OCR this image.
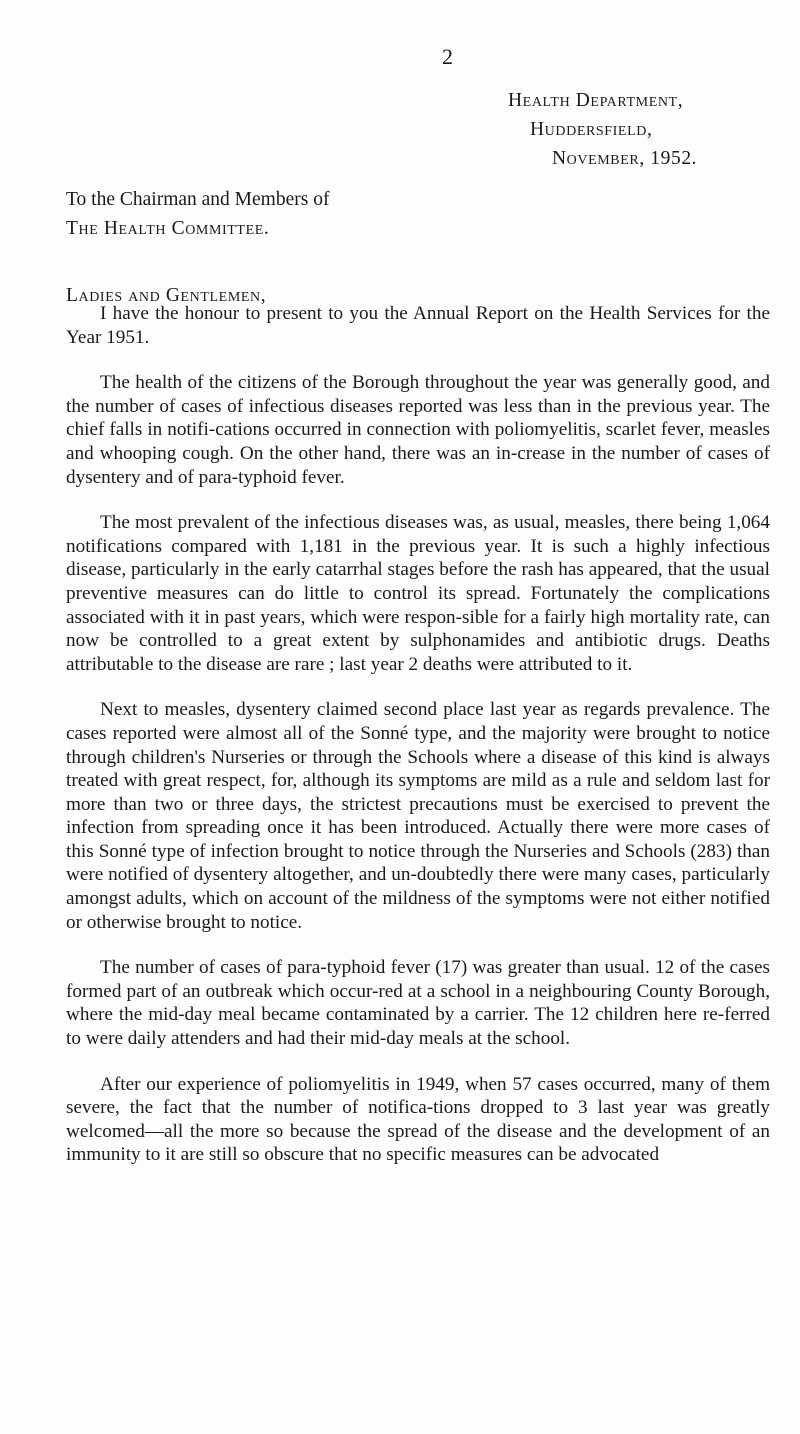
2
Health Department,
Huddersfield,
November, 1952.
To the Chairman and Members of
The Health Committee.
Ladies and Gentlemen,

I have the honour to present to you the Annual Report on the Health Services for the Year 1951.

The health of the citizens of the Borough throughout the year was generally good, and the number of cases of infectious diseases reported was less than in the previous year. The chief falls in notifi-cations occurred in connection with poliomyelitis, scarlet fever, measles and whooping cough. On the other hand, there was an in-crease in the number of cases of dysentery and of para-typhoid fever.

The most prevalent of the infectious diseases was, as usual, measles, there being 1,064 notifications compared with 1,181 in the previous year. It is such a highly infectious disease, particularly in the early catarrhal stages before the rash has appeared, that the usual preventive measures can do little to control its spread. Fortunately the complications associated with it in past years, which were respon-sible for a fairly high mortality rate, can now be controlled to a great extent by sulphonamides and antibiotic drugs. Deaths attributable to the disease are rare ; last year 2 deaths were attributed to it.

Next to measles, dysentery claimed second place last year as regards prevalence. The cases reported were almost all of the Sonné type, and the majority were brought to notice through children's Nurseries or through the Schools where a disease of this kind is always treated with great respect, for, although its symptoms are mild as a rule and seldom last for more than two or three days, the strictest precautions must be exercised to prevent the infection from spreading once it has been introduced. Actually there were more cases of this Sonné type of infection brought to notice through the Nurseries and Schools (283) than were notified of dysentery altogether, and un-doubtedly there were many cases, particularly amongst adults, which on account of the mildness of the symptoms were not either notified or otherwise brought to notice.

The number of cases of para-typhoid fever (17) was greater than usual. 12 of the cases formed part of an outbreak which occur-red at a school in a neighbouring County Borough, where the mid-day meal became contaminated by a carrier. The 12 children here re-ferred to were daily attenders and had their mid-day meals at the school.

After our experience of poliomyelitis in 1949, when 57 cases occurred, many of them severe, the fact that the number of notifica-tions dropped to 3 last year was greatly welcomed—all the more so because the spread of the disease and the development of an immunity to it are still so obscure that no specific measures can be advocated
